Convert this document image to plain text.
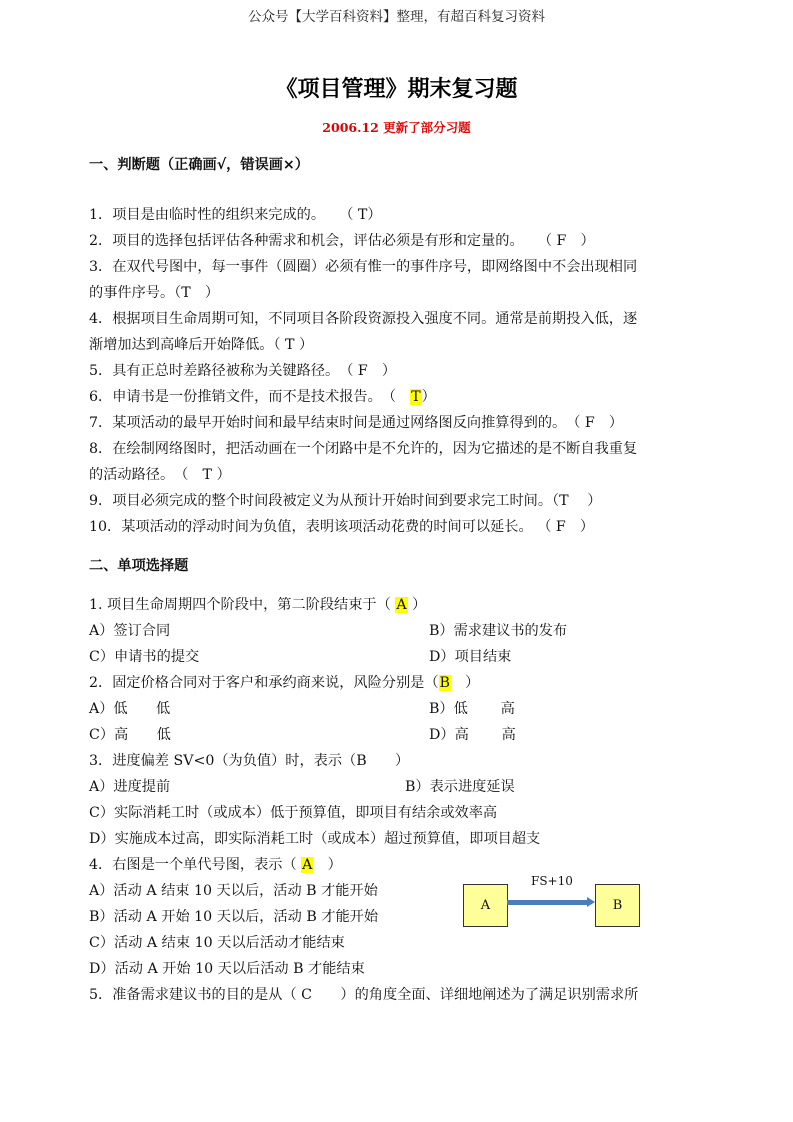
公众号【大学百科资料】整理，有超百科复习资料
《项目管理》期末复习题
2006.12 更新了部分习题
一、判断题（正确画√，错误画×）
1．项目是由临时性的组织来完成的。　　（ T）
2．项目的选择包括评估各种需求和机会，评估必须是有形和定量的。　　（ F　）
3．在双代号图中，每一事件（圆圈）必须有惟一的事件序号，即网络图中不会出现相同
的事件序号。（T　）
4．根据项目生命周期可知，不同项目各阶段资源投入强度不同。通常是前期投入低，逐
渐增加达到高峰后开始降低。（ T ）
5．具有正总时差路径被称为关键路径。　（ F　）
6．申请书是一份推销文件，而不是技术报告。　（　T）
7．某项活动的最早开始时间和最早结束时间是通过网络图反向推算得到的。　（ F　）
8．在绘制网络图时，把活动画在一个闭路中是不允许的，因为它描述的是不断自我重复
的活动路径。　（　T ）
9．项目必须完成的整个时间段被定义为从预计开始时间到要求完工时间。（T　 ）
10．某项活动的浮动时间为负值，表明该项活动花费的时间可以延长。 （ F　）
二、单项选择题
1. 项目生命周期四个阶段中，第二阶段结束于（ A ）
A）签订合同	B）需求建议书的发布
C）申请书的提交	D）项目结束
2．固定价格合同对于客户和承约商来说，风险分别是（B　）
A）低　　低	B）低　　 高
C）高　　低	D）高　　 高
3．进度偏差 SV<0（为负值）时，表示（B　　）
A）进度提前	B）表示进度延误
C）实际消耗工时（或成本）低于预算值，即项目有结余或效率高
D）实施成本过高，即实际消耗工时（或成本）超过预算值，即项目超支
4．右图是一个单代号图，表示（ A　）
A）活动 A 结束 10 天以后，活动 B 才能开始
B）活动 A 开始 10 天以后，活动 B 才能开始
C）活动 A 结束 10 天以后活动才能结束
D）活动 A 开始 10 天以后活动 B 才能结束
A
FS+10
B
5．准备需求建议书的目的是从（ C　　）的角度全面、详细地阐述为了满足识别需求所
